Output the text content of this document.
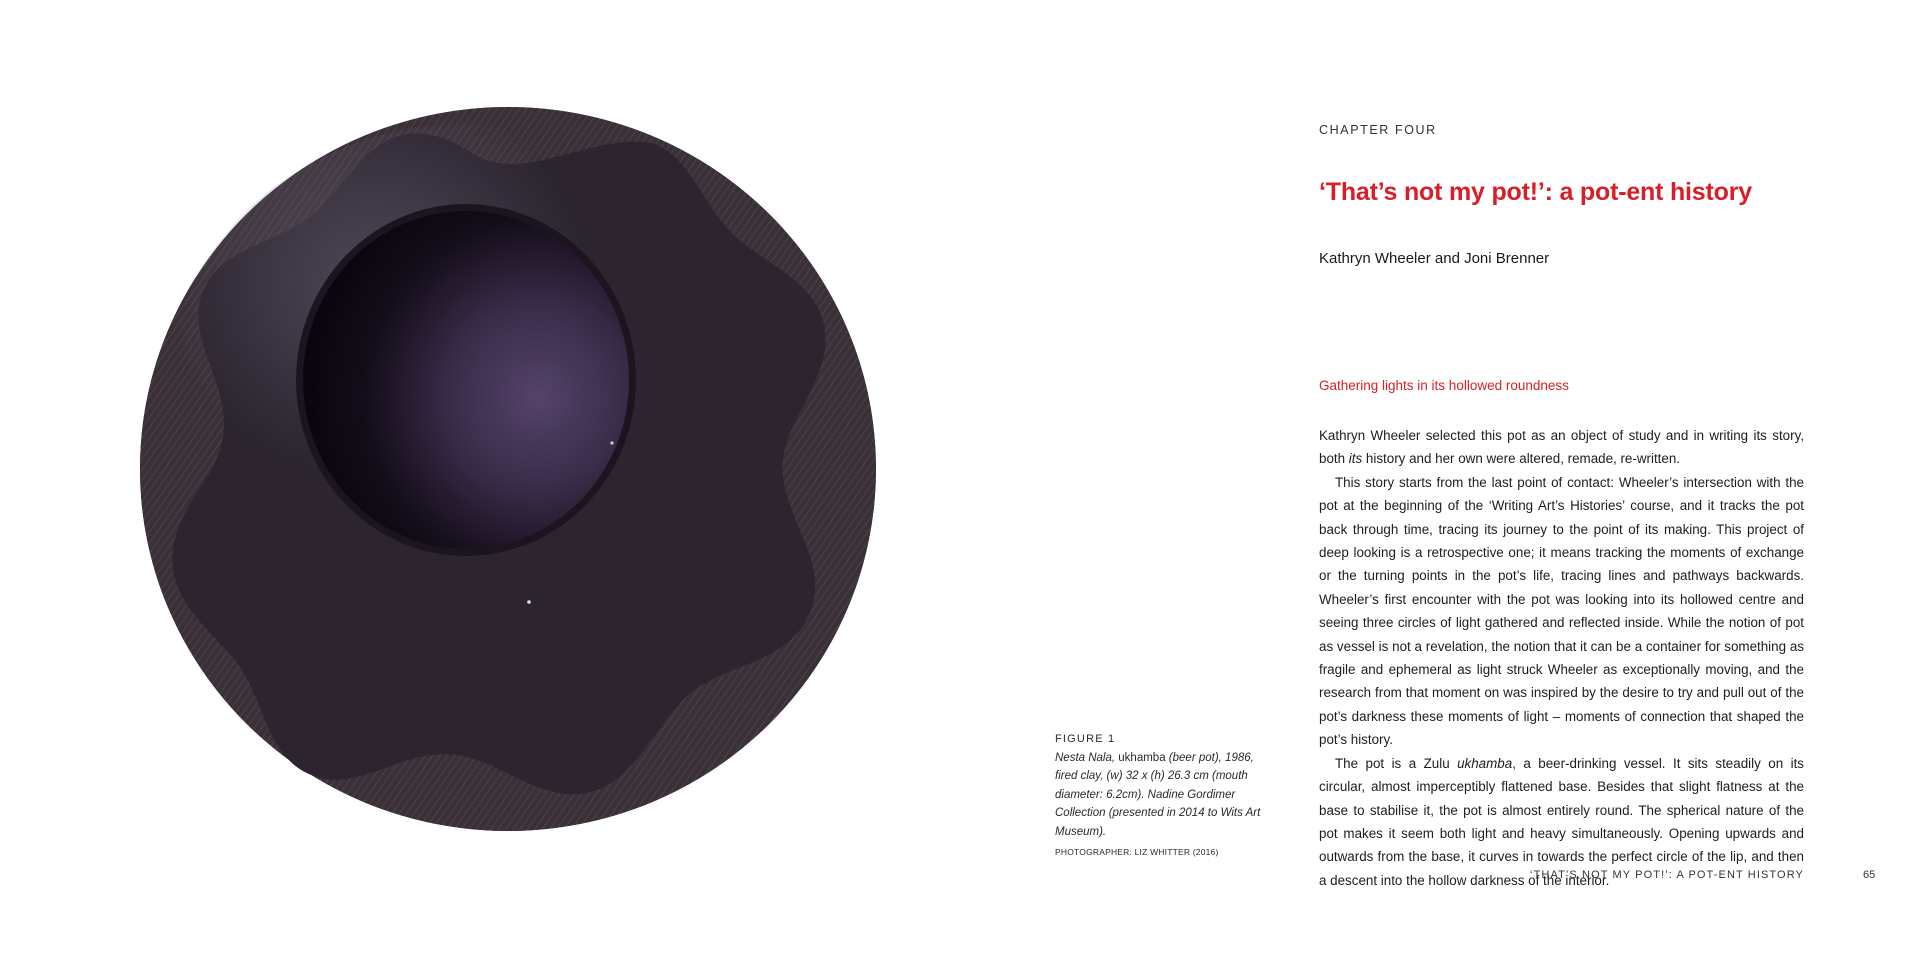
FIGURE 1
Nesta Nala, ukhamba (beer pot), 1986, fired clay, (w) 32 x (h) 26.3 cm (mouth diameter: 6.2cm). Nadine Gordimer Collection (presented in 2014 to Wits Art Museum).
PHOTOGRAPHER: LIZ WHITTER (2016)
CHAPTER FOUR
‘That’s not my pot!’: a pot-ent history
Kathryn Wheeler and Joni Brenner
Gathering lights in its hollowed roundness

Kathryn Wheeler selected this pot as an object of study and in writing its story, both its history and her own were altered, remade, re-written.

This story starts from the last point of contact: Wheeler’s intersection with the pot at the beginning of the ‘Writing Art’s Histories’ course, and it tracks the pot back through time, tracing its journey to the point of its making. This project of deep looking is a retrospective one; it means tracking the moments of exchange or the turning points in the pot’s life, tracing lines and pathways backwards. Wheeler’s first encounter with the pot was looking into its hollowed centre and seeing three circles of light gathered and reflected inside. While the notion of pot as vessel is not a revelation, the notion that it can be a container for something as fragile and ephemeral as light struck Wheeler as exceptionally moving, and the research from that moment on was inspired by the desire to try and pull out of the pot’s darkness these moments of light – moments of connection that shaped the pot’s history.

The pot is a Zulu ukhamba, a beer-drinking vessel. It sits steadily on its circular, almost imperceptibly flattened base. Besides that slight flatness at the base to stabilise it, the pot is almost entirely round. The spherical nature of the pot makes it seem both light and heavy simultaneously. Opening upwards and outwards from the base, it curves in towards the perfect circle of the lip, and then a descent into the hollow darkness of the interior.

‘THAT’S NOT MY POT!’: A POT-ENT HISTORY	65
